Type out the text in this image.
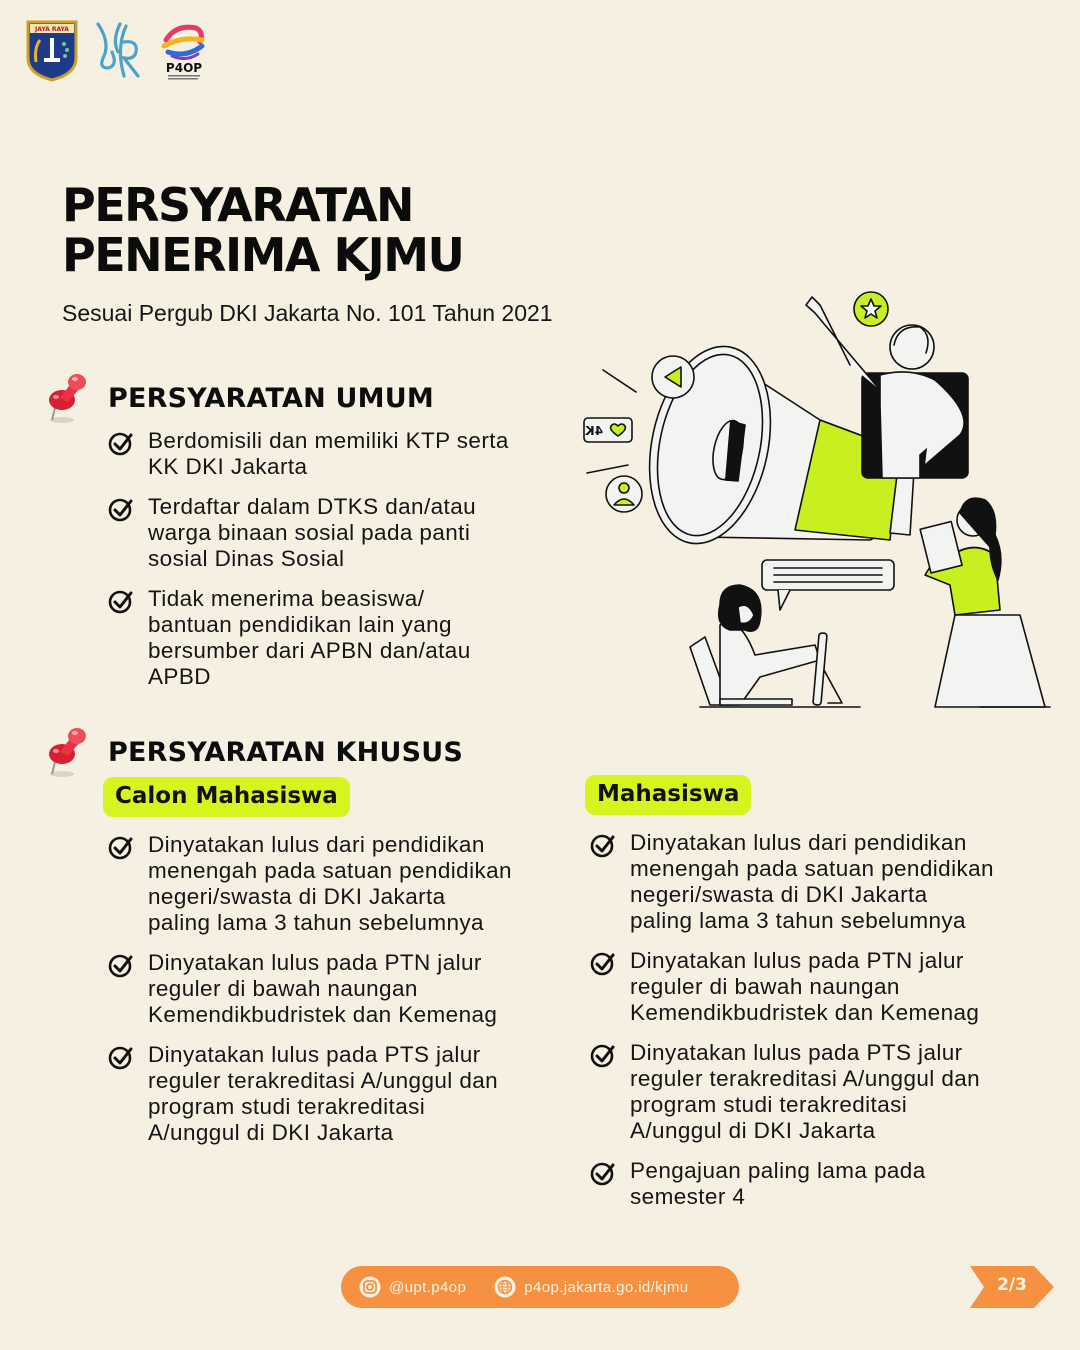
JAYA RAYA
P4OP
PERSYARATAN
PENERIMA KJMU
Sesuai Pergub DKI Jakarta No. 101 Tahun 2021
PERSYARATAN UMUM
Berdomisili dan memiliki KTP serta
KK DKI Jakarta
Terdaftar dalam DTKS dan/atau
warga binaan sosial pada panti
sosial Dinas Sosial
Tidak menerima beasiswa/
bantuan pendidikan lain yang
bersumber dari APBN dan/atau
APBD
PERSYARATAN KHUSUS
Calon Mahasiswa	Mahasiswa
Dinyatakan lulus dari pendidikan
menengah pada satuan pendidikan
negeri/swasta di DKI Jakarta
paling lama 3 tahun sebelumnya
Dinyatakan lulus pada PTN jalur
reguler di bawah naungan
Kemendikbudristek dan Kemenag
Dinyatakan lulus pada PTS jalur
reguler terakreditasi A/unggul dan
program studi terakreditasi
A/unggul di DKI Jakarta
Dinyatakan lulus dari pendidikan
menengah pada satuan pendidikan
negeri/swasta di DKI Jakarta
paling lama 3 tahun sebelumnya
Dinyatakan lulus pada PTN jalur
reguler di bawah naungan
Kemendikbudristek dan Kemenag
Dinyatakan lulus pada PTS jalur
reguler terakreditasi A/unggul dan
program studi terakreditasi
A/unggul di DKI Jakarta
Pengajuan paling lama pada
semester 4
4K
@upt.p4op	p4op.jakarta.go.id/kjmu	2/3
